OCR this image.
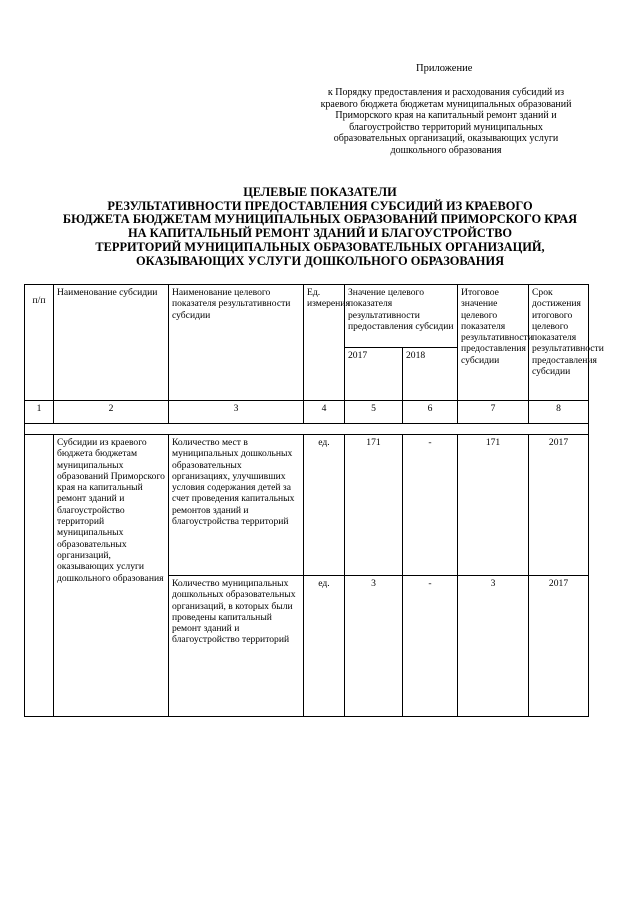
Приложение
к Порядку предоставления и расходования субсидий из
краевого бюджета бюджетам муниципальных образований
Приморского края на капитальный ремонт зданий и
благоустройство территорий муниципальных
образовательных организаций, оказывающих услуги
дошкольного образования
ЦЕЛЕВЫЕ ПОКАЗАТЕЛИ
РЕЗУЛЬТАТИВНОСТИ ПРЕДОСТАВЛЕНИЯ СУБСИДИЙ ИЗ КРАЕВОГО
БЮДЖЕТА БЮДЖЕТАМ МУНИЦИПАЛЬНЫХ ОБРАЗОВАНИЙ ПРИМОРСКОГО КРАЯ
НА КАПИТАЛЬНЫЙ РЕМОНТ ЗДАНИЙ И БЛАГОУСТРОЙСТВО
ТЕРРИТОРИЙ МУНИЦИПАЛЬНЫХ ОБРАЗОВАТЕЛЬНЫХ ОРГАНИЗАЦИЙ,
ОКАЗЫВАЮЩИХ УСЛУГИ ДОШКОЛЬНОГО ОБРАЗОВАНИЯ
п/п	Наименование субсидии	Наименование целевого показателя результативности субсидии	Ед. измерения	Значение целевого показателя результативности предоставления субсидии		Итоговое значение целевого показателя результативности предоставления субсидии	Срок достижения итогового целевого показателя результативности предоставления субсидии
				2017	2018		
1	2	3	4	5	6	7	8

	Субсидии из краевого бюджета бюджетам муниципальных образований Приморского края на капитальный ремонт зданий и благоустройство территорий муниципальных образовательных организаций, оказывающих услуги дошкольного образования	Количество мест в муниципальных дошкольных образовательных организациях, улучшивших условия содержания детей за счет проведения капитальных ремонтов зданий и благоустройства территорий	ед.	171	-	171	2017
		Количество муниципальных дошкольных образовательных организаций, в которых были проведены капитальный ремонт зданий и благоустройство территорий	ед.	3	-	3	2017
